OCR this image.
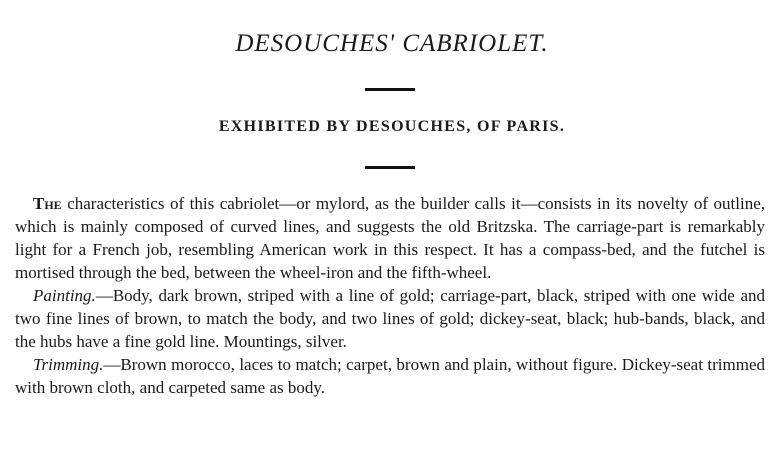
DESOUCHES' CABRIOLET.
EXHIBITED BY DESOUCHES, OF PARIS.

The characteristics of this cabriolet—or mylord, as the builder calls it—consists in its novelty of outline, which is mainly composed of curved lines, and suggests the old Britzska. The carriage-part is remarkably light for a French job, resembling American work in this respect. It has a compass-bed, and the futchel is mortised through the bed, between the wheel-iron and the fifth-wheel.

Painting.—Body, dark brown, striped with a line of gold; carriage-part, black, striped with one wide and two fine lines of brown, to match the body, and two lines of gold; dickey-seat, black; hub-bands, black, and the hubs have a fine gold line. Mountings, silver.

Trimming.—Brown morocco, laces to match; carpet, brown and plain, without figure. Dickey-seat trimmed with brown cloth, and carpeted same as body.
